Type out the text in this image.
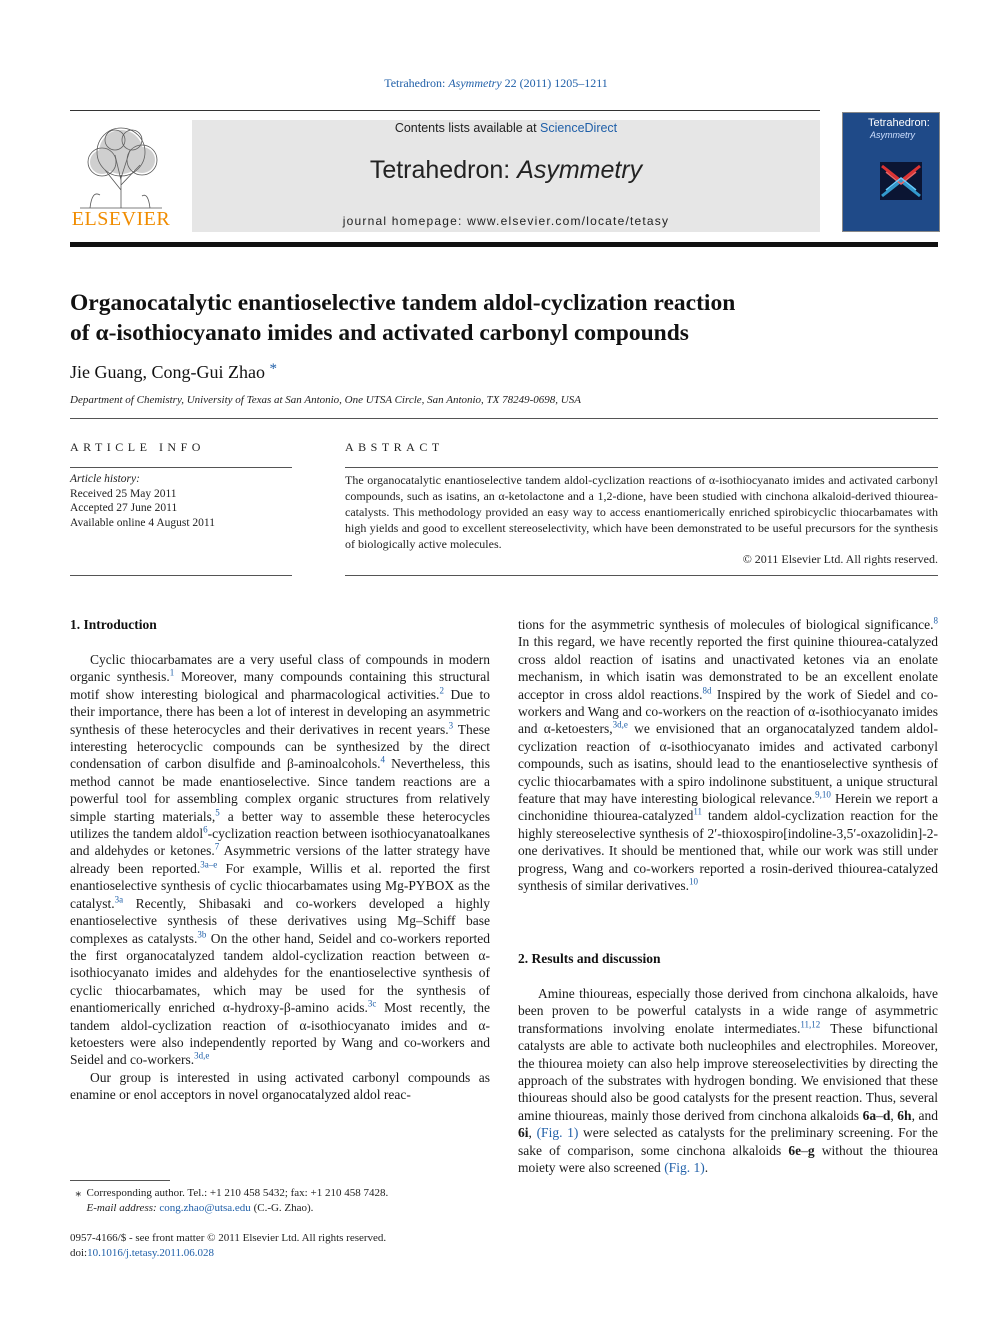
Tetrahedron: Asymmetry 22 (2011) 1205–1211
ELSEVIER
Contents lists available at ScienceDirect
Tetrahedron: Asymmetry
journal homepage: www.elsevier.com/locate/tetasy
Tetrahedron:
Asymmetry
Organocatalytic enantioselective tandem aldol-cyclization reaction
of α-isothiocyanato imides and activated carbonyl compounds
Jie Guang, Cong-Gui Zhao *
Department of Chemistry, University of Texas at San Antonio, One UTSA Circle, San Antonio, TX 78249-0698, USA
ARTICLE INFO	ABSTRACT
Article history:
Received 25 May 2011
Accepted 27 June 2011
Available online 4 August 2011
The organocatalytic enantioselective tandem aldol-cyclization reactions of α-isothiocyanato imides and activated carbonyl compounds, such as isatins, an α-ketolactone and a 1,2-dione, have been studied with cinchona alkaloid-derived thiourea-catalysts. This methodology provided an easy way to access enantiomerically enriched spirobicyclic thiocarbamates with high yields and good to excellent stereoselectivity, which have been demonstrated to be useful precursors for the synthesis of biologically active molecules.
© 2011 Elsevier Ltd. All rights reserved.
1. Introduction

Cyclic thiocarbamates are a very useful class of compounds in modern organic synthesis.$^1$ Moreover, many compounds containing this structural motif show interesting biological and pharmacological activities.$^2$ Due to their importance, there has been a lot of interest in developing an asymmetric synthesis of these heterocycles and their derivatives in recent years.$^3$ These interesting heterocyclic compounds can be synthesized by the direct condensation of carbon disulfide and β-aminoalcohols.$^4$ Nevertheless, this method cannot be made enantioselective. Since tandem reactions are a powerful tool for assembling complex organic structures from relatively simple starting materials,$^5$ a better way to assemble these heterocycles utilizes the tandem aldol$^6$-cyclization reaction between isothiocyanatoalkanes and aldehydes or ketones.$^7$ Asymmetric versions of the latter strategy have already been reported.$^{3a-e}$ For example, Willis et al. reported the first enantioselective synthesis of cyclic thiocarbamates using Mg-PYBOX as the catalyst.$^{3a}$ Recently, Shibasaki and co-workers developed a highly enantioselective synthesis of these derivatives using Mg–Schiff base complexes as catalysts.$^{3b}$ On the other hand, Seidel and co-workers reported the first organocatalyzed tandem aldol-cyclization reaction between α-isothiocyanato imides and aldehydes for the enantioselective synthesis of cyclic thiocarbamates, which may be used for the synthesis of enantiomerically enriched α-hydroxy-β-amino acids.$^{3c}$ Most recently, the tandem aldol-cyclization reaction of α-isothiocyanato imides and α-ketoesters were also independently reported by Wang and co-workers and Seidel and co-workers.$^{3d,e}$

Our group is interested in using activated carbonyl compounds as enamine or enol acceptors in novel organocatalyzed aldol reac-

tions for the asymmetric synthesis of molecules of biological significance.$^8$ In this regard, we have recently reported the first quinine thiourea-catalyzed cross aldol reaction of isatins and unactivated ketones via an enolate mechanism, in which isatin was demonstrated to be an excellent enolate acceptor in cross aldol reactions.$^{8d}$ Inspired by the work of Siedel and co-workers and Wang and co-workers on the reaction of α-isothiocyanato imides and α-ketoesters,$^{3d,e}$ we envisioned that an organocatalyzed tandem aldol-cyclization reaction of α-isothiocyanato imides and activated carbonyl compounds, such as isatins, should lead to the enantioselective synthesis of cyclic thiocarbamates with a spiro indolinone substituent, a unique structural feature that may have interesting biological relevance.$^{9,10}$ Herein we report a cinchonidine thiourea-catalyzed$^{11}$ tandem aldol-cyclization reaction for the highly stereoselective synthesis of 2′-thioxospiro[indoline-3,5′-oxazolidin]-2-one derivatives. It should be mentioned that, while our work was still under progress, Wang and co-workers reported a rosin-derived thiourea-catalyzed synthesis of similar derivatives.$^{10}$

2. Results and discussion

Amine thioureas, especially those derived from cinchona alkaloids, have been proven to be powerful catalysts in a wide range of asymmetric transformations involving enolate intermediates.$^{11,12}$ These bifunctional catalysts are able to activate both nucleophiles and electrophiles. Moreover, the thiourea moiety can also help improve stereoselectivities by directing the approach of the substrates with hydrogen bonding. We envisioned that these thioureas should also be good catalysts for the present reaction. Thus, several amine thioureas, mainly those derived from cinchona alkaloids 6a–d, 6h, and 6i, (Fig. 1) were selected as catalysts for the preliminary screening. For the sake of comparison, some cinchona alkaloids 6e–g without the thiourea moiety were also screened (Fig. 1).

⁎  Corresponding author. Tel.: +1 210 458 5432; fax: +1 210 458 7428.
E-mail address: cong.zhao@utsa.edu (C.-G. Zhao).
0957-4166/$ - see front matter © 2011 Elsevier Ltd. All rights reserved.
doi:10.1016/j.tetasy.2011.06.028
